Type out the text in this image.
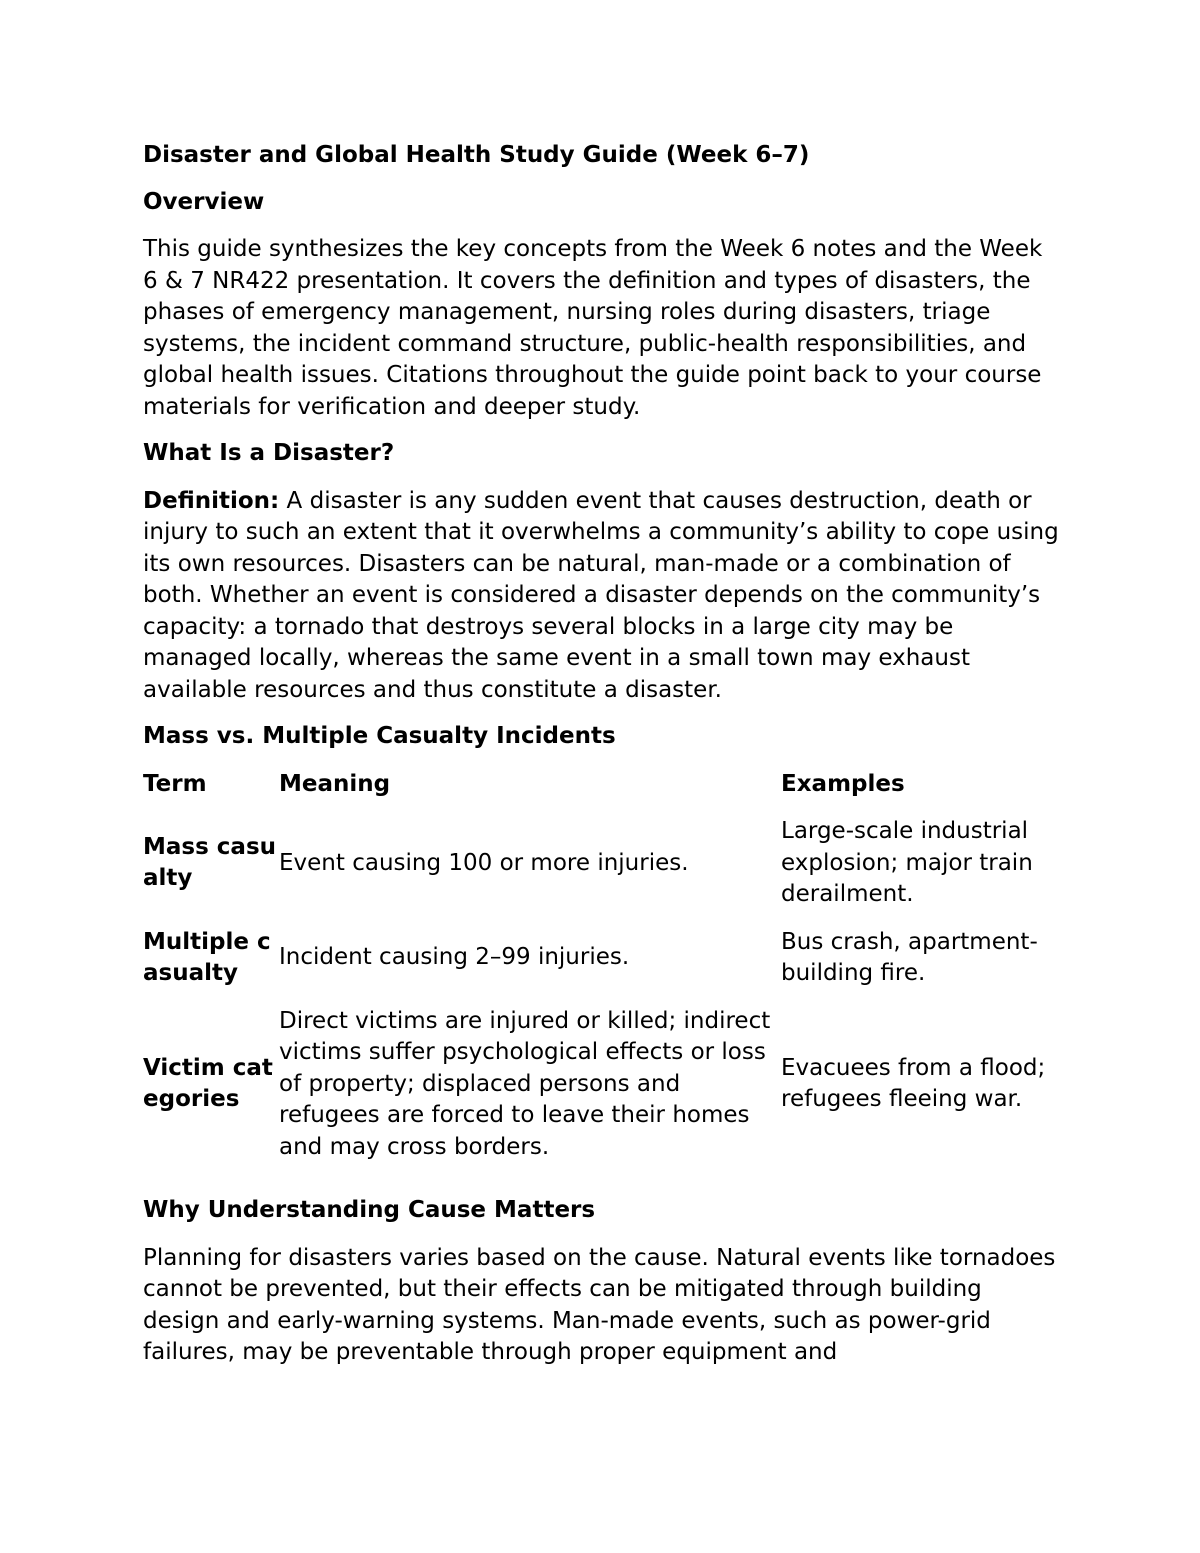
Disaster and Global Health Study Guide (Week 6–7)
Overview

This guide synthesizes the key concepts from the Week 6 notes and the Week 6 & 7 NR422 presentation. It covers the definition and types of disasters, the phases of emergency management, nursing roles during disasters, triage systems, the incident command structure, public-health responsibilities, and global health issues. Citations throughout the guide point back to your course materials for verification and deeper study.

What Is a Disaster?

Definition: A disaster is any sudden event that causes destruction, death or injury to such an extent that it overwhelms a community’s ability to cope using its own resources. Disasters can be natural, man-made or a combination of both. Whether an event is considered a disaster depends on the community’s capacity: a tornado that destroys several blocks in a large city may be managed locally, whereas the same event in a small town may exhaust available resources and thus constitute a disaster.

Mass vs. Multiple Casualty Incidents
Term	Meaning	Examples
Mass casualty	Event causing 100 or more injuries.	Large-scale industrial explosion; major train derailment.
Multiple casualty	Incident causing 2–99 injuries.	Bus crash, apartment-building fire.
Victim categories	Direct victims are injured or killed; indirect victims suffer psychological effects or loss of property; displaced persons and refugees are forced to leave their homes and may cross borders.	Evacuees from a flood; refugees fleeing war.
Why Understanding Cause Matters

Planning for disasters varies based on the cause. Natural events like tornadoes cannot be prevented, but their effects can be mitigated through building design and early-warning systems. Man-made events, such as power-grid failures, may be preventable through proper equipment and
